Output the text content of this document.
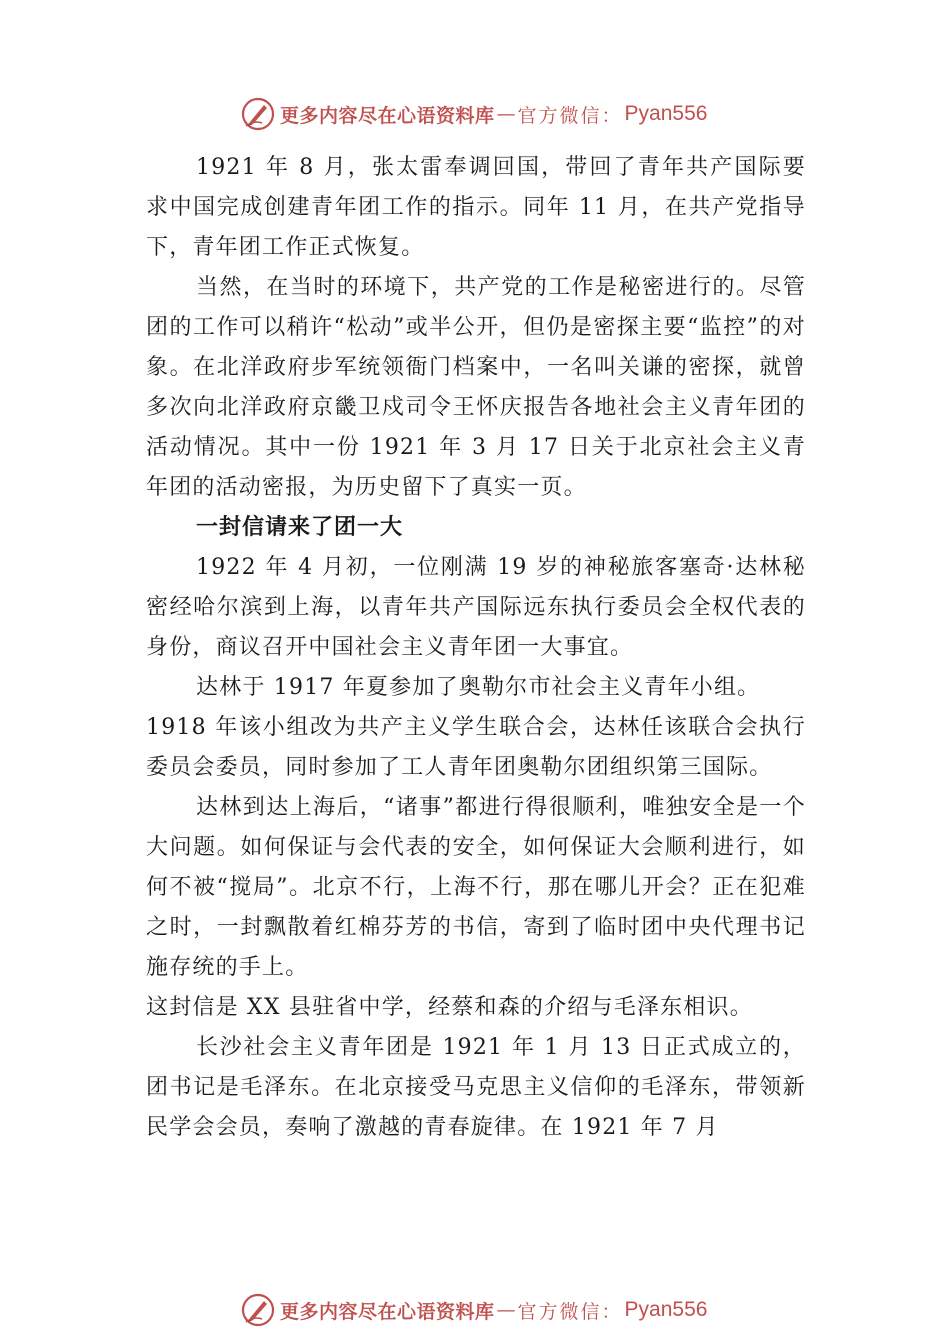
更多内容尽在心语资料库 — 官方微信 ： Pyan556

1921 年 8 月，张太雷奉调回国，带回了青年共产国际要求中国完成创建青年团工作的指示。同年 11 月，在共产党指导下，青年团工作正式恢复。

当然，在当时的环境下，共产党的工作是秘密进行的。尽管团的工作可以稍许“松动”或半公开，但仍是密探主要“监控”的对象。在北洋政府步军统领衙门档案中，一名叫关谦的密探，就曾多次向北洋政府京畿卫戍司令王怀庆报告各地社会主义青年团的活动情况。其中一份 1921 年 3 月 17 日关于北京社会主义青年团的活动密报，为历史留下了真实一页。

一封信请来了团一大

1922 年 4 月初，一位刚满 19 岁的神秘旅客塞奇·达林秘密经哈尔滨到上海，以青年共产国际远东执行委员会全权代表的身份，商议召开中国社会主义青年团一大事宜。

达林于 1917 年夏参加了奥勒尔市社会主义青年小组。

1918 年该小组改为共产主义学生联合会，达林任该联合会执行委员会委员，同时参加了工人青年团奥勒尔团组织第三国际。

达林到达上海后，“诸事”都进行得很顺利，唯独安全是一个大问题。如何保证与会代表的安全，如何保证大会顺利进行，如何不被“搅局”。北京不行，上海不行，那在哪儿开会？正在犯难之时，一封飘散着红棉芬芳的书信，寄到了临时团中央代理书记施存统的手上。

这封信是 XX 县驻省中学，经蔡和森的介绍与毛泽东相识。

长沙社会主义青年团是 1921 年 1 月 13 日正式成立的，团书记是毛泽东。在北京接受马克思主义信仰的毛泽东，带领新民学会会员，奏响了激越的青春旋律。在 1921 年 7 月

更多内容尽在心语资料库 — 官方微信 ： Pyan556
